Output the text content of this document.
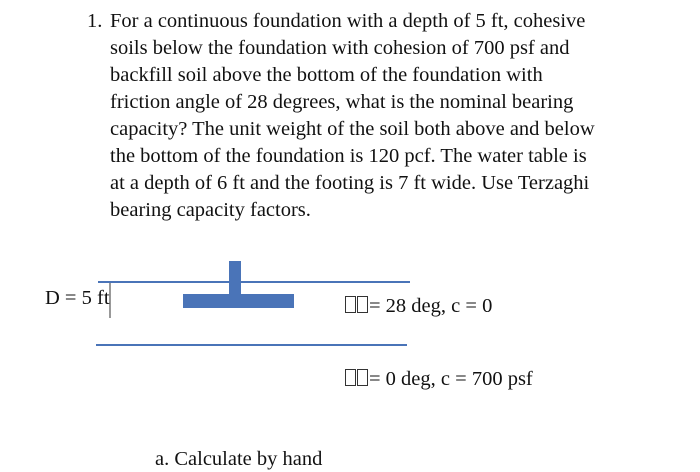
1. For a continuous foundation with a depth of 5 ft, cohesive
soils below the foundation with cohesion of 700 psf and
backfill soil above the bottom of the foundation with
friction angle of 28 degrees, what is the nominal bearing
capacity? The unit weight of the soil both above and below
the bottom of the foundation is 120 pcf. The water table is
at a depth of 6 ft and the footing is 7 ft wide. Use Terzaghi
bearing capacity factors.
D = 5 ft	= 28 deg, c = 0
= 0 deg, c = 700 psf
a. Calculate by hand
